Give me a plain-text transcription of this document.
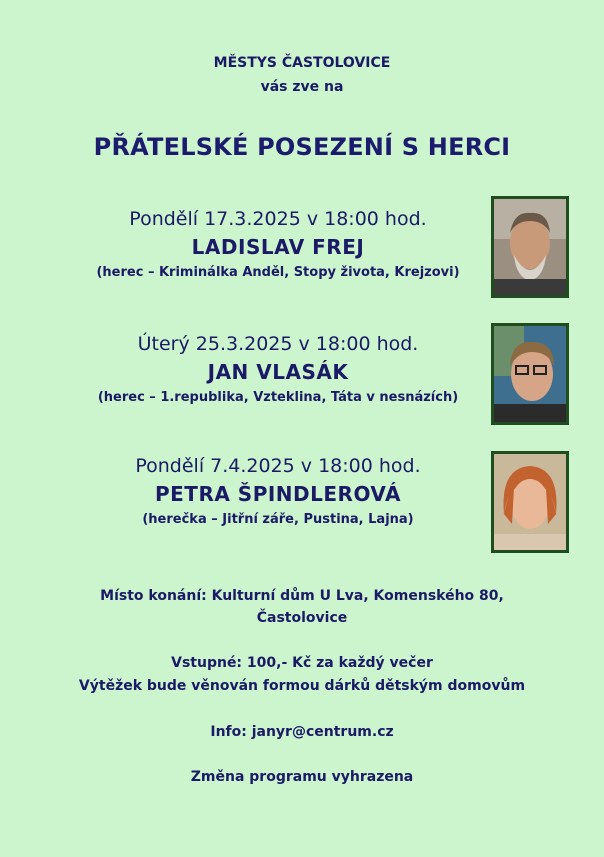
MĚSTYS ČASTOLOVICE
vás zve na
PŘÁTELSKÉ POSEZENÍ S HERCI
Pondělí 17.3.2025 v 18:00 hod.
LADISLAV FREJ
(herec – Kriminálka Anděl, Stopy života, Krejzovi)
Úterý 25.3.2025 v 18:00 hod.
JAN VLASÁK
(herec – 1.republika, Vzteklina, Táta v nesnázích)
Pondělí 7.4.2025 v 18:00 hod.
PETRA ŠPINDLEROVÁ
(herečka – Jitřní záře, Pustina, Lajna)
Místo konání: Kulturní dům U Lva, Komenského 80,
Častolovice
Vstupné: 100,- Kč za každý večer
Výtěžek bude věnován formou dárků dětským domovům
Info: janyr@centrum.cz
Změna programu vyhrazena
